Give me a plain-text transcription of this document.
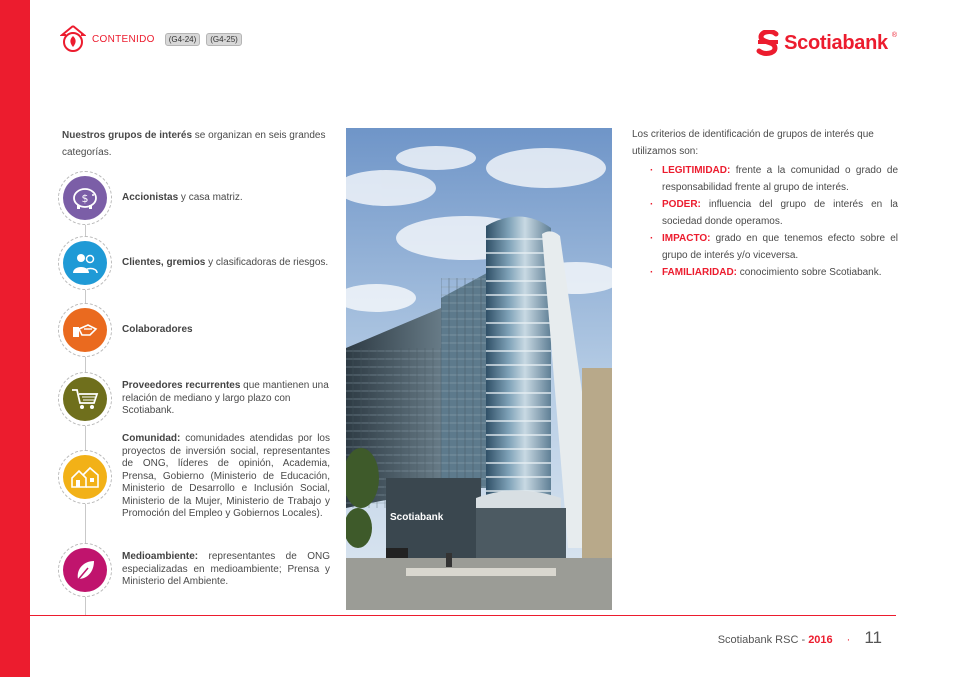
CONTENIDO	(G4-24)	(G4-25)	Scotiabank ®
Nuestros grupos de interés se organizan en seis grandes categorías.
$	Accionistas y casa matriz.
Clientes, gremios y clasificadoras de riesgos.
Colaboradores
Proveedores recurrentes que mantienen una relación de mediano y largo plazo con Scotiabank.
Comunidad: comunidades atendidas por los proyectos de inversión social, representantes de ONG, líderes de opinión, Academia, Prensa, Gobierno (Ministerio de Educación, Ministerio de Desarrollo e Inclusión Social, Ministerio de la Mujer, Ministerio de Trabajo y Promoción del Empleo y Gobiernos Locales).
Medioambiente: representantes de ONG especializadas en medioambiente; Prensa y Ministerio del Ambiente.
Scotiabank
Los criterios de identificación de grupos de interés que utilizamos son:
· LEGITIMIDAD: frente a la comunidad o grado de responsabilidad frente al grupo de interés.
· PODER: influencia del grupo de interés en la sociedad donde operamos.
· IMPACTO: grado en que tenemos efecto sobre el grupo de interés y/o viceversa.
· FAMILIARIDAD: conocimiento sobre Scotiabank.
Scotiabank RSC - 2016 · 11
